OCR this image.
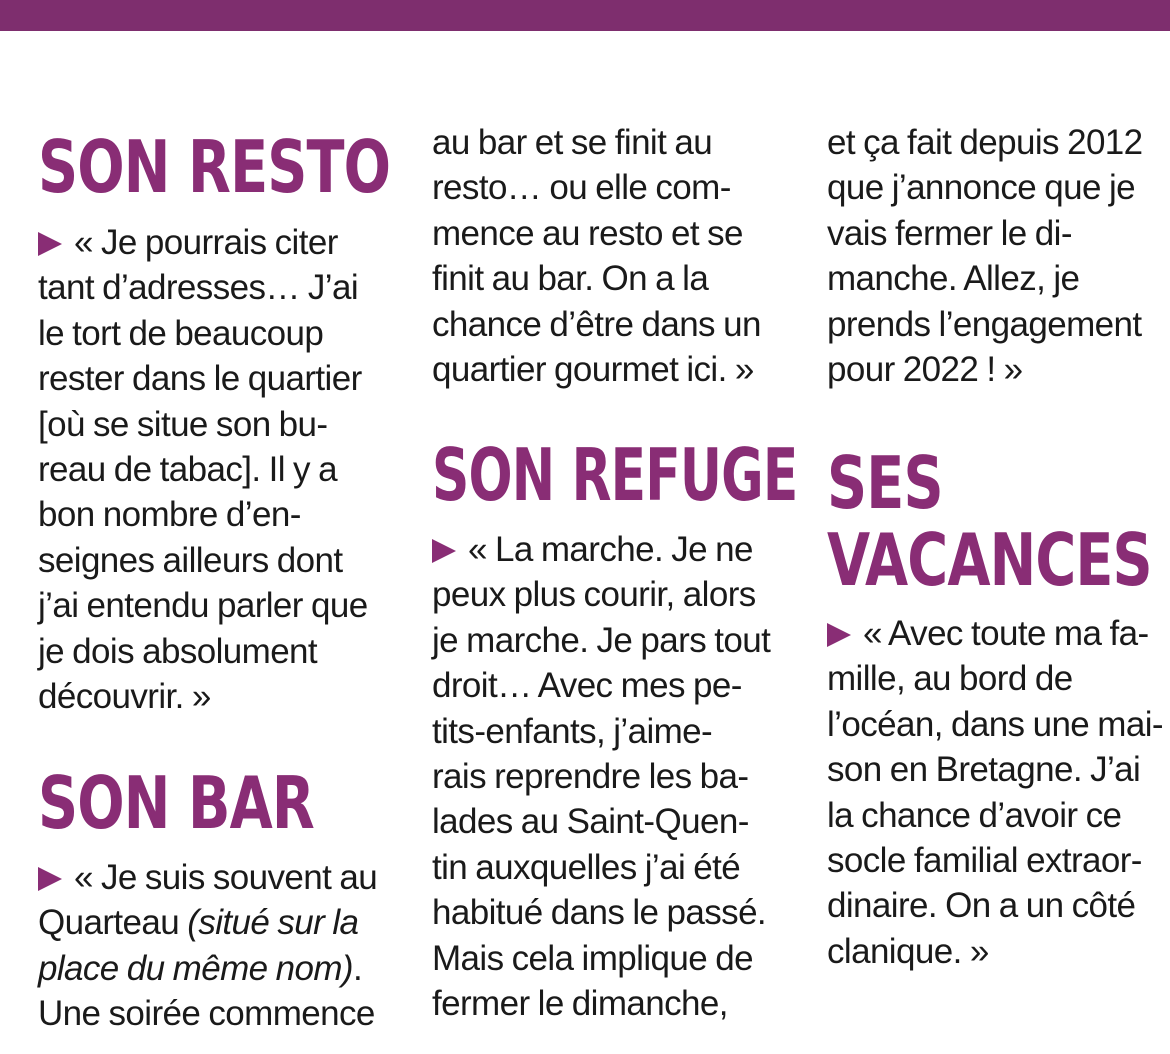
SON RESTO
« Je pourrais citer
tant d’adresses… J’ai
le tort de beaucoup
rester dans le quartier
[où se situe son bu-
reau de tabac]. Il y a
bon nombre d’en-
seignes ailleurs dont
j’ai entendu parler que
je dois absolument
découvrir. »
SON BAR
« Je suis souvent au
Quarteau (situé sur la
place du même nom).
Une soirée commence
au bar et se finit au
resto… ou elle com-
mence au resto et se
finit au bar. On a la
chance d’être dans un
quartier gourmet ici. »
SON REFUGE
« La marche. Je ne
peux plus courir, alors
je marche. Je pars tout
droit… Avec mes pe-
tits-enfants, j’aime-
rais reprendre les ba-
lades au Saint-Quen-
tin auxquelles j’ai été
habitué dans le passé.
Mais cela implique de
fermer le dimanche,
et ça fait depuis 2012
que j’annonce que je
vais fermer le di-
manche. Allez, je
prends l’engagement
pour 2022 ! »
SES
VACANCES
« Avec toute ma fa-
mille, au bord de
l’océan, dans une mai-
son en Bretagne. J’ai
la chance d’avoir ce
socle familial extraor-
dinaire. On a un côté
clanique. »
